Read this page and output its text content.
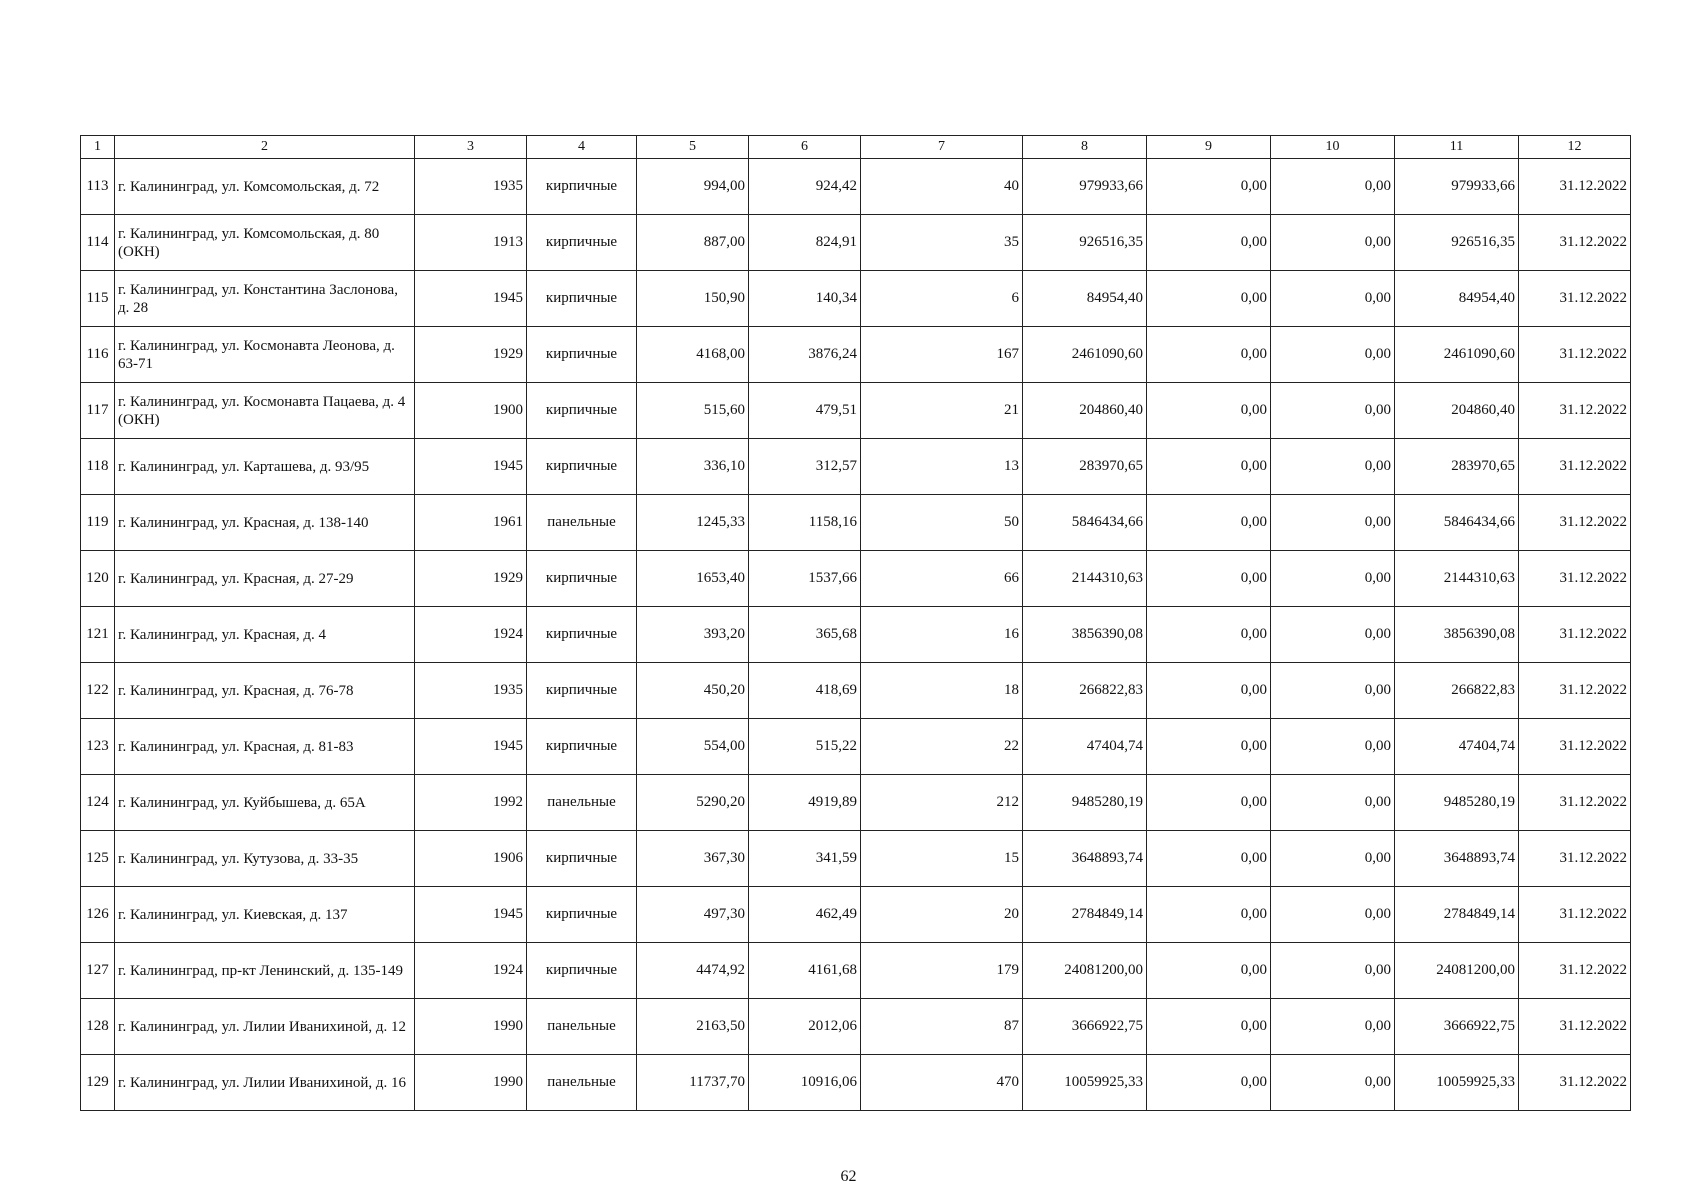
1	2	3	4	5	6	7	8	9	10	11	12
113	г. Калининград, ул. Комсомольская, д. 72	1935	кирпичные	994,00	924,42	40	979933,66	0,00	0,00	979933,66	31.12.2022
114	г. Калининград, ул. Комсомольская, д. 80 (ОКН)	1913	кирпичные	887,00	824,91	35	926516,35	0,00	0,00	926516,35	31.12.2022
115	г. Калининград, ул. Константина Заслонова, д. 28	1945	кирпичные	150,90	140,34	6	84954,40	0,00	0,00	84954,40	31.12.2022
116	г. Калининград, ул. Космонавта Леонова, д. 63-71	1929	кирпичные	4168,00	3876,24	167	2461090,60	0,00	0,00	2461090,60	31.12.2022
117	г. Калининград, ул. Космонавта Пацаева, д. 4 (ОКН)	1900	кирпичные	515,60	479,51	21	204860,40	0,00	0,00	204860,40	31.12.2022
118	г. Калининград, ул. Карташева, д. 93/95	1945	кирпичные	336,10	312,57	13	283970,65	0,00	0,00	283970,65	31.12.2022
119	г. Калининград, ул. Красная, д. 138-140	1961	панельные	1245,33	1158,16	50	5846434,66	0,00	0,00	5846434,66	31.12.2022
120	г. Калининград, ул. Красная, д. 27-29	1929	кирпичные	1653,40	1537,66	66	2144310,63	0,00	0,00	2144310,63	31.12.2022
121	г. Калининград, ул. Красная, д. 4	1924	кирпичные	393,20	365,68	16	3856390,08	0,00	0,00	3856390,08	31.12.2022
122	г. Калининград, ул. Красная, д. 76-78	1935	кирпичные	450,20	418,69	18	266822,83	0,00	0,00	266822,83	31.12.2022
123	г. Калининград, ул. Красная, д. 81-83	1945	кирпичные	554,00	515,22	22	47404,74	0,00	0,00	47404,74	31.12.2022
124	г. Калининград, ул. Куйбышева, д. 65А	1992	панельные	5290,20	4919,89	212	9485280,19	0,00	0,00	9485280,19	31.12.2022
125	г. Калининград, ул. Кутузова, д. 33-35	1906	кирпичные	367,30	341,59	15	3648893,74	0,00	0,00	3648893,74	31.12.2022
126	г. Калининград, ул. Киевская, д. 137	1945	кирпичные	497,30	462,49	20	2784849,14	0,00	0,00	2784849,14	31.12.2022
127	г. Калининград, пр-кт Ленинский, д. 135-149	1924	кирпичные	4474,92	4161,68	179	24081200,00	0,00	0,00	24081200,00	31.12.2022
128	г. Калининград, ул. Лилии Иванихиной, д. 12	1990	панельные	2163,50	2012,06	87	3666922,75	0,00	0,00	3666922,75	31.12.2022
129	г. Калининград, ул. Лилии Иванихиной, д. 16	1990	панельные	11737,70	10916,06	470	10059925,33	0,00	0,00	10059925,33	31.12.2022
62
